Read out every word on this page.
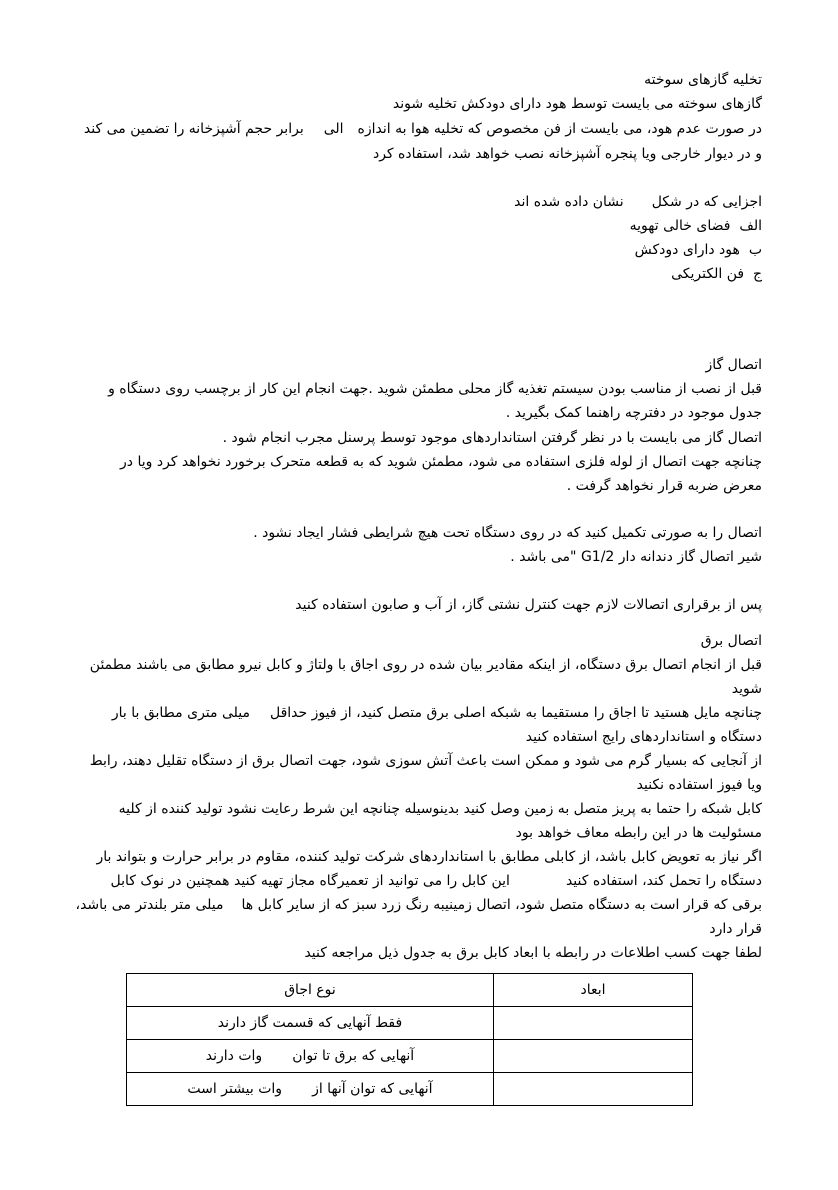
تخلیه گازهای سوخته
گازهای سوخته می بایست توسط هود دارای دودکش تخلیه شوند
در صورت عدم هود، می بایست از فن مخصوص که تخلیه هوا به اندازهالیبرابر حجم آشپزخانه را تضمین می کند
و در دیوار خارجی ویا پنجره آشپزخانه نصب خواهد شد، استفاده کرد
اجزایی که در شکلنشان داده شده اند
الف  فضای خالی تهویه
ب  هود دارای دودکش
ج  فن الکتریکی
اتصال گاز
قبل از نصب از مناسب بودن سیستم تغذیه گاز محلی مطمئن شوید .جهت انجام این کار از برچسب روی دستگاه و
جدول موجود در دفترچه راهنما کمک بگیرید .
اتصال گاز می بایست با در نظر گرفتن استانداردهای موجود توسط پرسنل مجرب انجام شود .
چنانچه جهت اتصال از لوله فلزی استفاده می شود، مطمئن شوید که به قطعه متحرک برخورد نخواهد کرد ویا در
معرض ضربه قرار نخواهد گرفت .
اتصال را به صورتی تکمیل کنید که در روی دستگاه تحت هیچ شرایطی فشار ایجاد نشود .
شیر اتصال گاز دندانه دار G1/2 "می باشد .
پس از برقراری اتصالات لازم جهت کنترل نشتی گاز، از آب و صابون استفاده کنید
اتصال برق
قبل از انجام اتصال برق دستگاه، از اینکه مقادیر بیان شده در روی اجاق با ولتاژ و کابل نیرو مطابق می باشند مطمئن
شوید
چنانچه مایل هستید تا اجاق را مستقیما به شبکه اصلی برق متصل کنید، از فیوز حداقلمیلی متری مطابق با بار
دستگاه و استانداردهای رایج استفاده کنید
از آنجایی که بسیار گرم می شود و ممکن است باعث آتش سوزی شود، جهت اتصال برق از دستگاه تقلیل دهند، رابط
ویا فیوز استفاده نکنید
کابل شبکه را حتما به پریز متصل به زمین وصل کنید بدینوسیله چنانچه این شرط رعایت نشود تولید کننده از کلیه
مسئولیت ها در این رابطه معاف خواهد بود
اگر نیاز به تعویض کابل باشد، از کابلی مطابق با استانداردهای شرکت تولید کننده، مقاوم در برابر حرارت و بتواند بار
دستگاه را تحمل کند، استفاده کنیداین کابل را می توانید از تعمیرگاه مجاز تهیه کنید همچنین در نوک کابل
برقی که قرار است به دستگاه متصل شود، اتصال زمینیبه رنگ زرد سبز که از سایر کابل هامیلی متر بلندتر می باشد،
قرار دارد
لطفا جهت کسب اطلاعات در رابطه با ابعاد کابل برق به جدول ذیل مراجعه کنید
ابعاد	نوع اجاق
	فقط آنهایی که قسمت گاز دارند
	آنهایی که برق تا توانوات دارند
	آنهایی که توان آنها ازوات بیشتر است
